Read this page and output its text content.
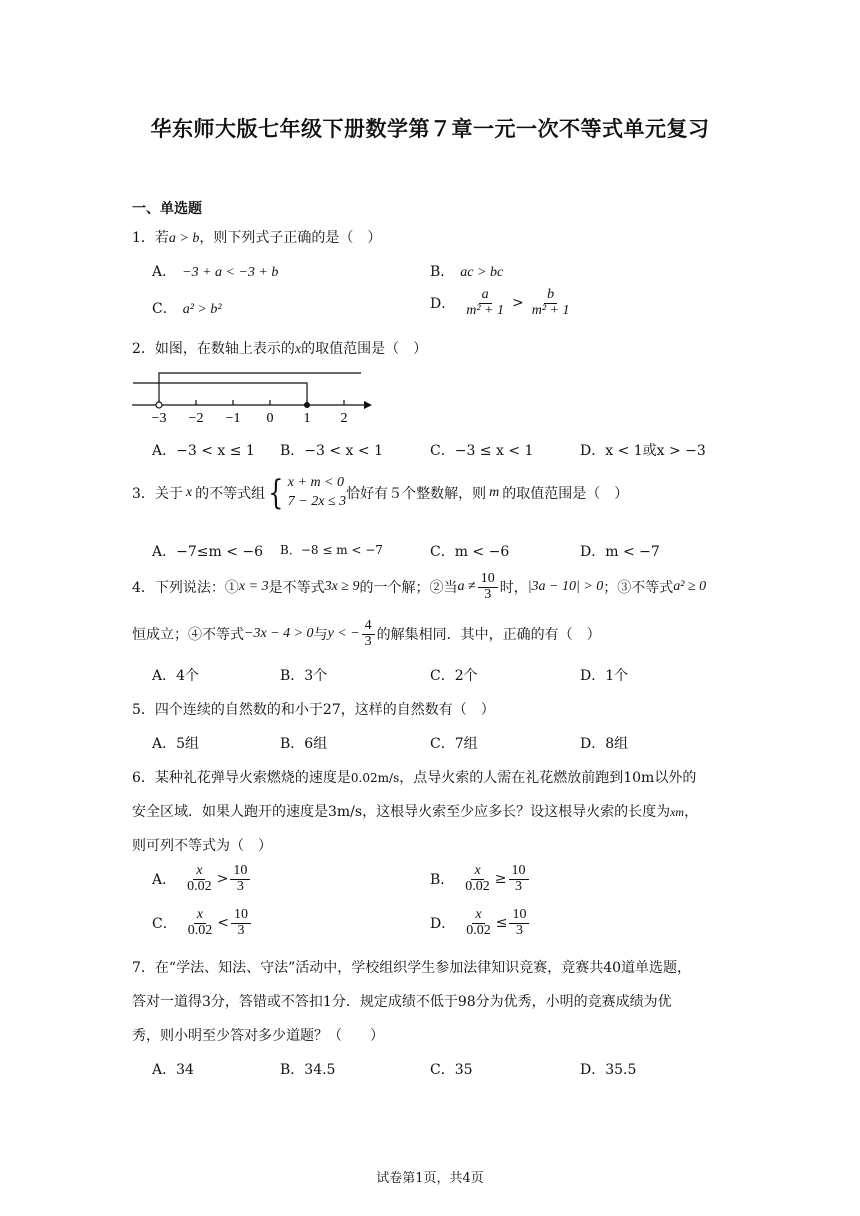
华东师大版七年级下册数学第７章一元一次不等式单元复习
一、单选题
1．若a > b，则下列式子正确的是（　）
A． −3 + a < −3 + b	B． ac > bc
C． a² > b²	D． $\frac{a}{\text{m² + 1}} > \frac{b}{\text{m² + 1}}$
2．如图，在数轴上表示的x的取值范围是（　）
−3 −2 −1 0 1 2
A．−3 < x ≤ 1 B．−3 < x < 1	C．−3 ≤ x < 1	D．x < 1或x > −3
3．关于 x 的不等式组 { x + m < 0
7 − 2x ≤ 3 恰好有５个整数解，则 m 的取值范围是（　）
A．−7≤m < −6 B．−8 ≤ m < −7	C．m < −6	D．m < −7
4．下列说法：① x = 3 是不等式 3x ≥ 9 的一个解；②当 $a \ne \frac{10}{3}$ 时， |3a − 10| > 0 ；③不等式 a² ≥ 0
恒成立；④不等式 −3x − 4 > 0 与 y < − $\frac{4}{3}$ 的解集相同．其中，正确的有（　）
A．4个	B．3个	C．2个	D．1个
5．四个连续的自然数的和小于27，这样的自然数有（　）
A．5组	B．6组	C．7组	D．8组
6．某种礼花弹导火索燃烧的速度是0.02m/s，点导火索的人需在礼花燃放前跑到10m以外的
安全区域．如果人跑开的速度是3m/s，这根导火索至少应多长？设这根导火索的长度为xm，
则可列不等式为（　）
A． $\frac{x}{0.02} > \frac{10}{3}$	B． $\frac{x}{0.02} \ge \frac{10}{3}$
C． $\frac{x}{0.02} < \frac{10}{3}$	D． $\frac{x}{0.02} \le \frac{10}{3}$
7．在“学法、知法、守法”活动中，学校组织学生参加法律知识竞赛，竞赛共40道单选题，
答对一道得3分，答错或不答扣1分．规定成绩不低于98分为优秀，小明的竞赛成绩为优
秀，则小明至少答对多少道题？（　　）
A．34	B．34.5	C．35	D．35.5
试卷第1页，共4页
